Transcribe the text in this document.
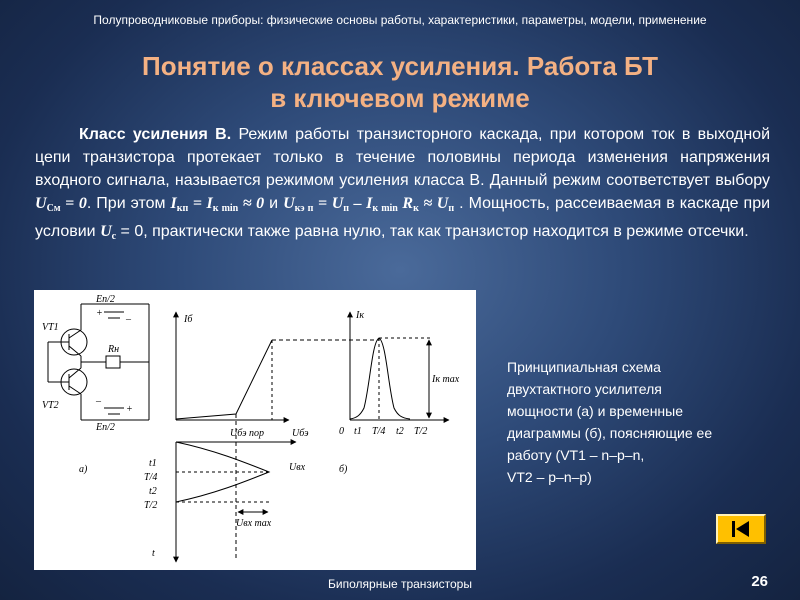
Полупроводниковые приборы: физические основы работы, характеристики, параметры, модели, применение
Понятие о классах усиления. Работа БТ
в ключевом режиме
Класс усиления В. Режим работы транзисторного каскада, при котором ток в выходной цепи транзистора протекает только в течение половины периода изменения напряжения входного сигнала, называется режимом усиления класса В. Данный режим соответствует выбору $U_{См} = 0$. При этом $I_{кп} = I_{к min} \approx 0$ и $U_{кэ п} = U_п - I_{к min}$ $R_к \approx U_п$ . Мощность, рассеиваемая в каскаде при условии $U_с = 0$, практически также равна нулю, так как транзистор находится в режиме отсечки.
VT1
VT2
Eп/2
Eп/2
+
–
–
+
Rн
а)
Iб	Iк
Iк max
Uбэ пор	Uбэ	0 t1 T/4 t2 T/2
t1
T/4
t2
T/2
Uвх	б)
Uвх max
t
Принципиальная схема
двухтактного усилителя
мощности (а) и временные
диаграммы (б), поясняющие ее
работу (VT1 – n–p–n,
VT2 – p–n–p)
Биполярные транзисторы	26
